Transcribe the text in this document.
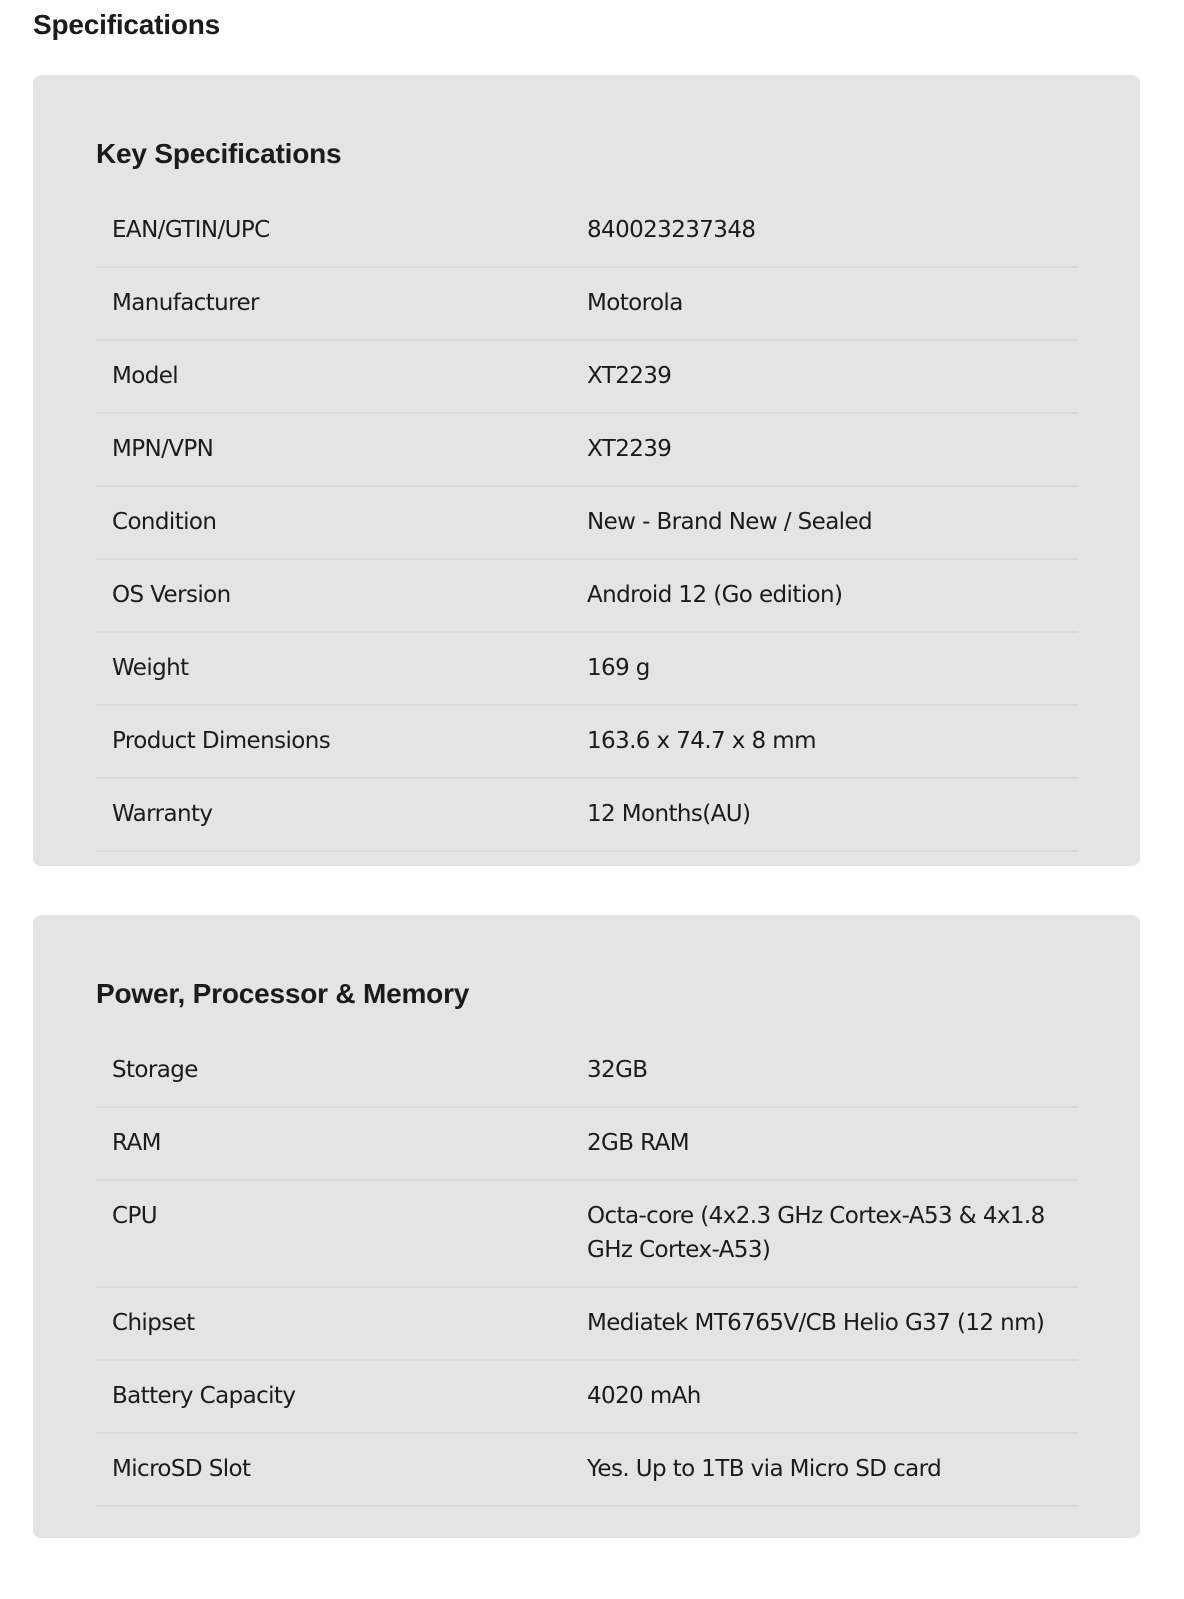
Specifications
Key Specifications
EAN/GTIN/UPC	840023237348
Manufacturer	Motorola
Model	XT2239
MPN/VPN	XT2239
Condition	New - Brand New / Sealed
OS Version	Android 12 (Go edition)
Weight	169 g
Product Dimensions	163.6 x 74.7 x 8 mm
Warranty	12 Months(AU)
Power, Processor & Memory
Storage	32GB
RAM	2GB RAM
CPU	Octa-core (4x2.3 GHz Cortex-A53 & 4x1.8 GHz Cortex-A53)
Chipset	Mediatek MT6765V/CB Helio G37 (12 nm)
Battery Capacity	4020 mAh
MicroSD Slot	Yes. Up to 1TB via Micro SD card
